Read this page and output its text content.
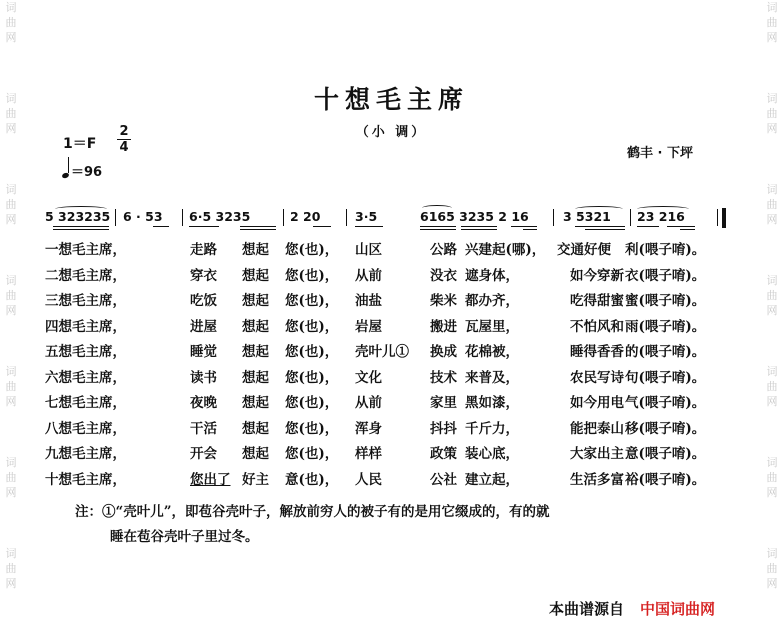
词
曲
网
词
曲
网
词
曲
网
词
曲
网
词
曲
网
词
曲
网
词
曲
网
词
曲
网
词
曲
网
词
曲
网
词
曲
网
词
曲
网
词
曲
网
词
曲
网
十想毛主席
（小 调）
鹤丰 · 下坪
1＝F
2
4
＝96
5 323235 6 · 53 6·5 3235	2 20	3·5	6165 3235 2 16	3 5321 23 216
一想毛主席，	走路 想起 您(也)， 山区	公路 兴建起(哪)， 交通好便 利(喂子唷)。
二想毛主席，	穿衣 想起 您(也)， 从前	没衣 遮身体，	如今穿新 衣(喂子唷)。
三想毛主席，	吃饭 想起 您(也)， 油盐	柴米 都办齐，	吃得甜蜜 蜜(喂子唷)。
四想毛主席，	进屋 想起 您(也)， 岩屋	搬进 瓦屋里，	不怕风和 雨(喂子唷)。
五想毛主席，	睡觉 想起 您(也)， 壳叶儿① 换成 花棉被，	睡得香香 的(喂子唷)。
六想毛主席，	读书 想起 您(也)， 文化	技术 来普及，	农民写诗 句(喂子唷)。
七想毛主席，	夜晚 想起 您(也)， 从前	家里 黑如漆，	如今用电 气(喂子唷)。
八想毛主席，	干活 想起 您(也)， 浑身	抖抖 千斤力，	能把泰山 移(喂子唷)。
九想毛主席，	开会 想起 您(也)， 样样	政策 装心底，	大家出主 意(喂子唷)。
十想毛主席，	您出了 好主 意(也)， 人民	公社 建立起，	生活多富 裕(喂子唷)。
注：①“壳叶儿”，即苞谷壳叶子，解放前穷人的被子有的是用它缀成的，有的就
睡在苞谷壳叶子里过冬。
本曲谱源自 中国词曲网
